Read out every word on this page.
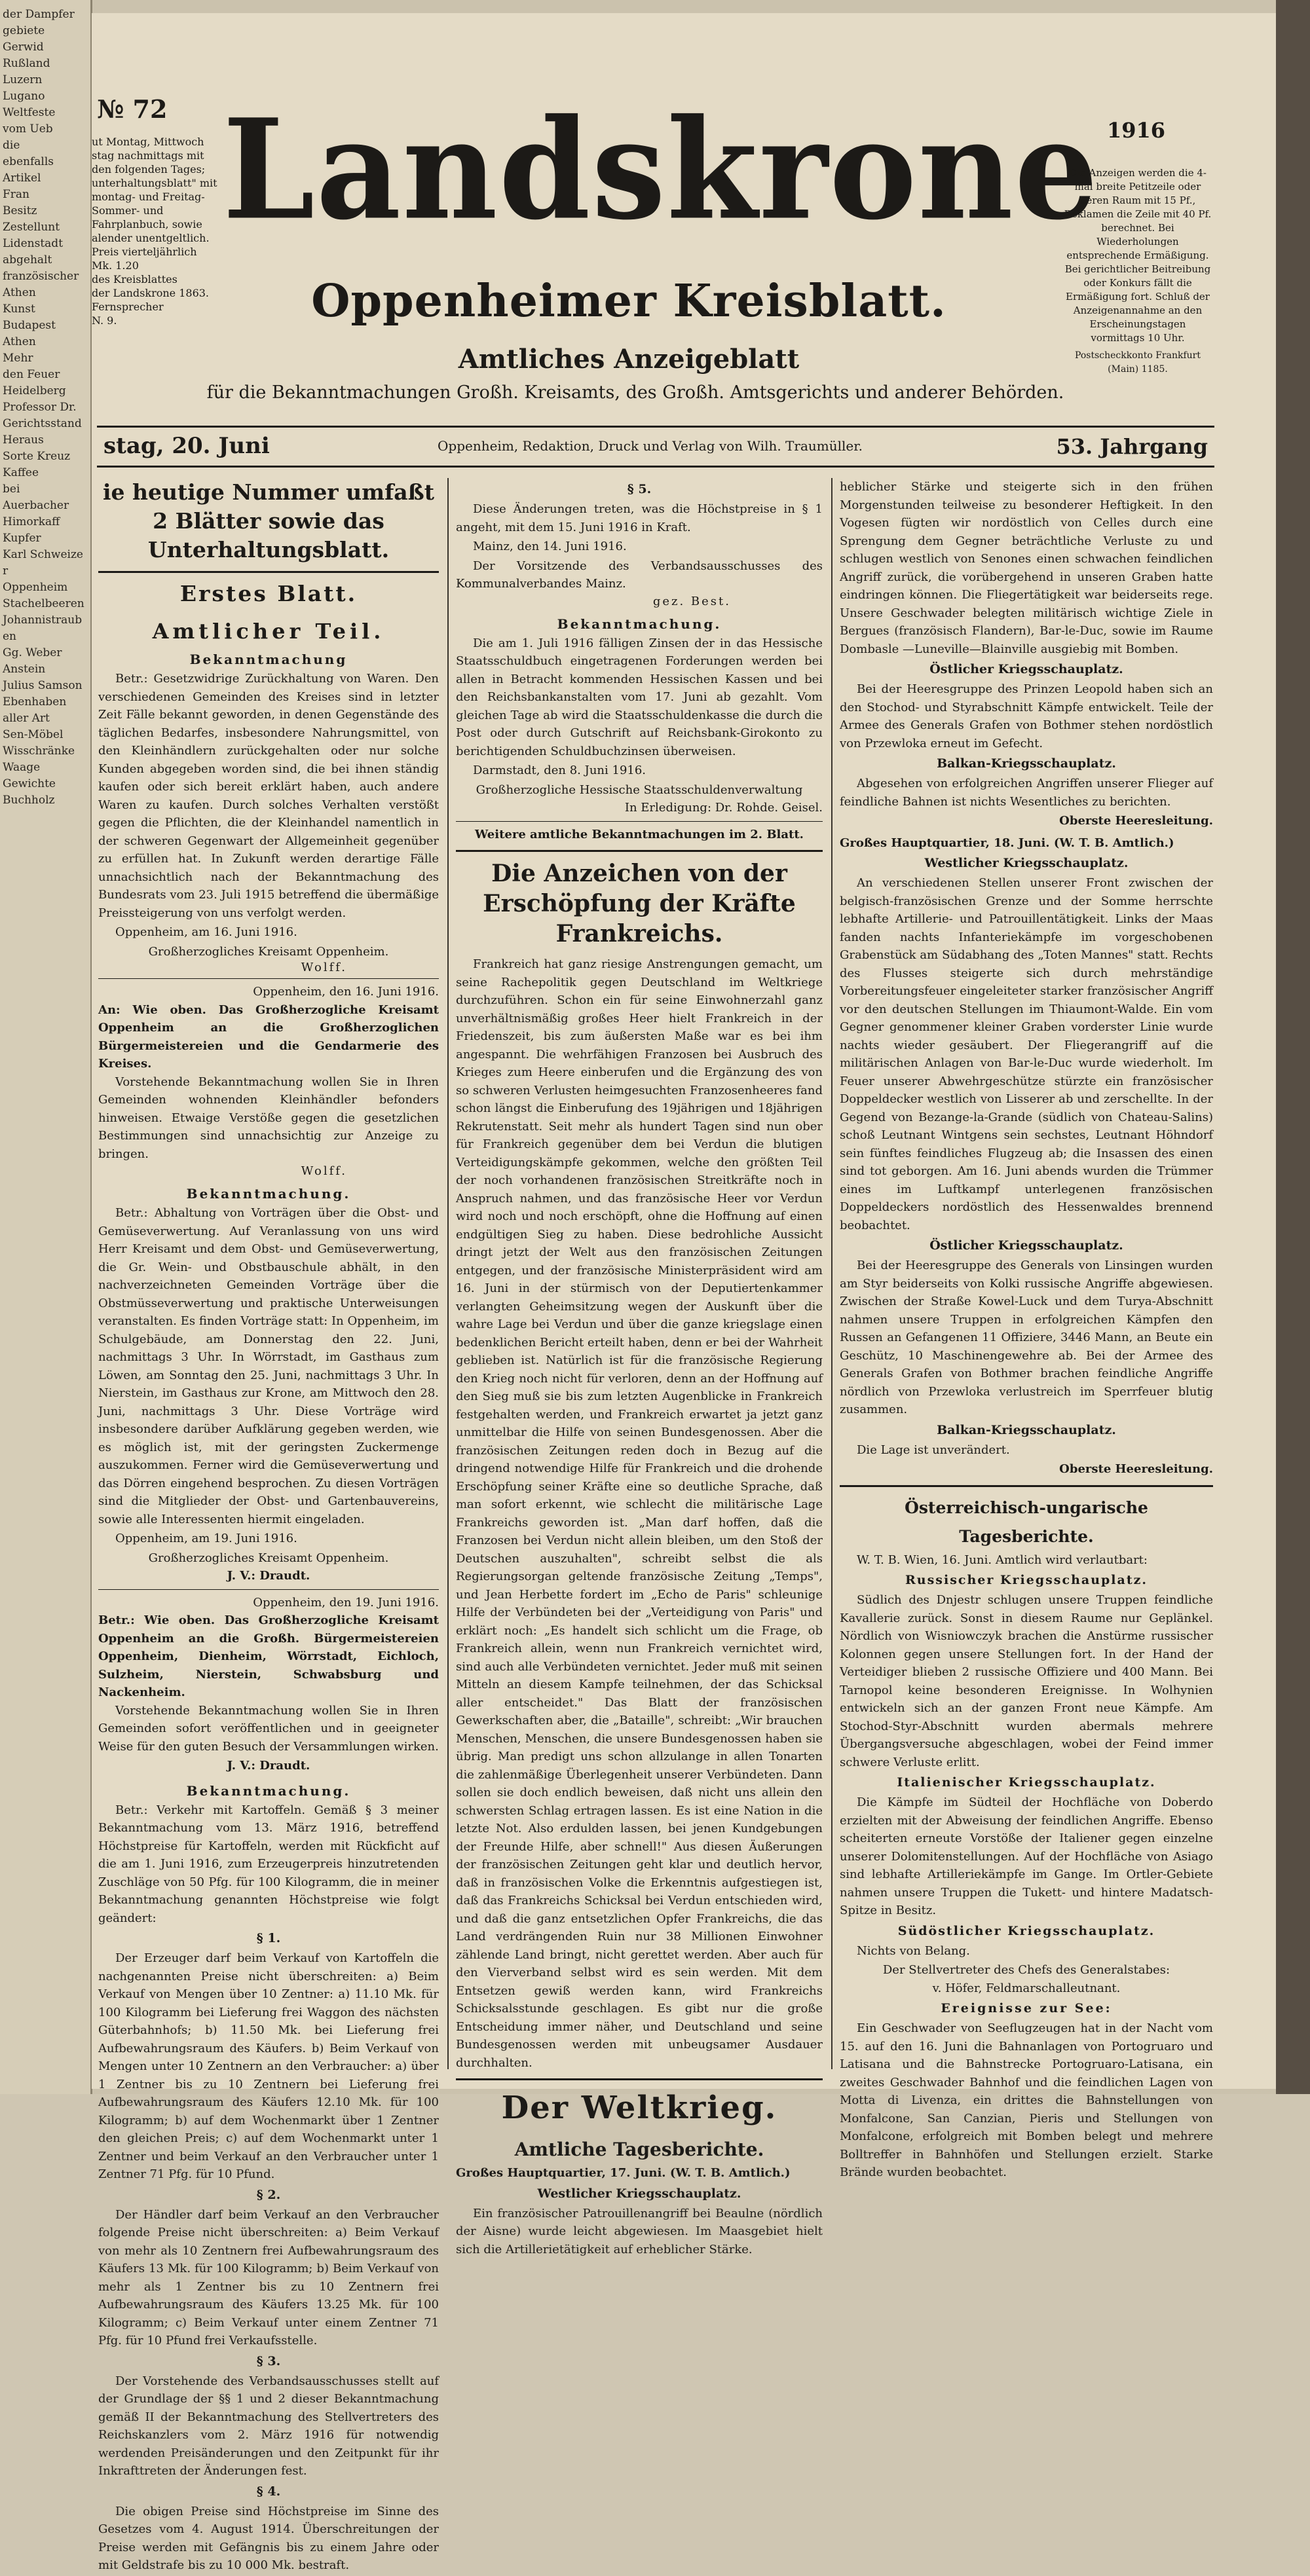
der Dampfer
gebiete
Gerwid
Rußland
Luzern
Lugano
Weltfeste
vom Ueb
die
ebenfalls
Artikel
Fran
Besitz
Zestellunt
Lidenstadt
abgehalt
französischer
Athen
Kunst
Budapest
Athen
Mehr
den Feuer
Heidelberg
Professor Dr.
Gerichtsstand
Heraus
Sorte Kreuz
Kaffee
bei
Auerbacher
Himorkaff
Kupfer
Karl Schweizer
Oppenheim
Stachelbeeren
Johannistrauben
Gg. Weber
Anstein
Julius Samson
Ebenhaben
aller Art
Sen-Möbel
Wisschränke
Waage
Gewichte
Buchholz
№ 72
1916
ut Montag, Mittwoch
stag nachmittags mit
den folgenden Tages;
unterhaltungsblatt" mit
montag- und Freitag-
Sommer- und
Fahrplanbuch, sowie
alender unentgeltlich.
Preis vierteljährlich
Mk. 1.20
des Kreisblattes
der Landskrone 1863.
Fernsprecher
N. 9.
Landskrone
Oppenheimer Kreisblatt.
Amtliches Anzeigeblatt
für die Bekanntmachungen Großh. Kreisamts, des Großh. Amtsgerichts und anderer Behörden.
Die Anzeigen werden die 4-mal breite Petitzeile oder deren Raum mit 15 Pf., Reklamen die Zeile mit 40 Pf. berechnet. Bei Wiederholungen entsprechende Ermäßigung. Bei gerichtlicher Beitreibung oder Konkurs fällt die Ermäßigung fort. Schluß der Anzeigenannahme an den Erscheinungstagen vormittags 10 Uhr.
Postscheckkonto Frankfurt (Main) 1185.
stag, 20. Juni	Oppenheim, Redaktion, Druck und Verlag von Wilh. Traumüller.	53. Jahrgang
ie heutige Nummer umfaßt 2 Blätter sowie das Unterhaltungsblatt.
Erstes Blatt.
Amtlicher Teil.
Bekanntmachung

Betr.: Gesetzwidrige Zurückhaltung von Waren. Den verschiedenen Gemeinden des Kreises sind in letzter Zeit Fälle bekannt geworden, in denen Gegenstände des täglichen Bedarfes, insbesondere Nahrungsmittel, von den Kleinhändlern zurückgehalten oder nur solche Kunden abgegeben worden sind, die bei ihnen ständig kaufen oder sich bereit erklärt haben, auch andere Waren zu kaufen. Durch solches Verhalten verstößt gegen die Pflichten, die der Kleinhandel namentlich in der schweren Gegenwart der Allgemeinheit gegenüber zu erfüllen hat. In Zukunft werden derartige Fälle unnachsichtlich nach der Bekanntmachung des Bundesrats vom 23. Juli 1915 betreffend die übermäßige Preissteigerung von uns verfolgt werden.

Oppenheim, am 16. Juni 1916.

Großherzogliches Kreisamt Oppenheim.
Wolff.
Oppenheim, den 16. Juni 1916.
An: Wie oben. Das Großherzogliche Kreisamt Oppenheim an die Großherzoglichen Bürgermeistereien und die Gendarmerie des Kreises.

Vorstehende Bekanntmachung wollen Sie in Ihren Gemeinden wohnenden Kleinhändler befonders hinweisen. Etwaige Verstöße gegen die gesetzlichen Bestimmungen sind unnachsichtig zur Anzeige zu bringen.

Wolff.
Bekanntmachung.

Betr.: Abhaltung von Vorträgen über die Obst- und Gemüseverwertung. Auf Veranlassung von uns wird Herr Kreisamt und dem Obst- und Gemüseverwertung, die Gr. Wein- und Obstbauschule abhält, in den nachverzeichneten Gemeinden Vorträge über die Obstmüsseverwertung und praktische Unterweisungen veranstalten. Es finden Vorträge statt: In Oppenheim, im Schulgebäude, am Donnerstag den 22. Juni, nachmittags 3 Uhr. In Wörrstadt, im Gasthaus zum Löwen, am Sonntag den 25. Juni, nachmittags 3 Uhr. In Nierstein, im Gasthaus zur Krone, am Mittwoch den 28. Juni, nachmittags 3 Uhr. Diese Vorträge wird insbesondere darüber Aufklärung gegeben werden, wie es möglich ist, mit der geringsten Zuckermenge auszukommen. Ferner wird die Gemüseverwertung und das Dörren eingehend besprochen. Zu diesen Vorträgen sind die Mitglieder der Obst- und Gartenbauvereins, sowie alle Interessenten hiermit eingeladen.

Oppenheim, am 19. Juni 1916.

Großherzogliches Kreisamt Oppenheim.
J. V.: Draudt.
Oppenheim, den 19. Juni 1916.
Betr.: Wie oben. Das Großherzogliche Kreisamt Oppenheim an die Großh. Bürgermeistereien Oppenheim, Dienheim, Wörrstadt, Eichloch, Sulzheim, Nierstein, Schwabsburg und Nackenheim.

Vorstehende Bekanntmachung wollen Sie in Ihren Gemeinden sofort veröffentlichen und in geeigneter Weise für den guten Besuch der Versammlungen wirken.

J. V.: Draudt.
Bekanntmachung.

Betr.: Verkehr mit Kartoffeln. Gemäß § 3 meiner Bekanntmachung vom 13. März 1916, betreffend Höchstpreise für Kartoffeln, werden mit Rückficht auf die am 1. Juni 1916, zum Erzeugerpreis hinzutretenden Zuschläge von 50 Pfg. für 100 Kilogramm, die in meiner Bekanntmachung genannten Höchstpreise wie folgt geändert:

§ 1.

Der Erzeuger darf beim Verkauf von Kartoffeln die nachgenannten Preise nicht überschreiten: a) Beim Verkauf von Mengen über 10 Zentner: a) 11.10 Mk. für 100 Kilogramm bei Lieferung frei Waggon des nächsten Güterbahnhofs; b) 11.50 Mk. bei Lieferung frei Aufbewahrungsraum des Käufers. b) Beim Verkauf von Mengen unter 10 Zentnern an den Verbraucher: a) über 1 Zentner bis zu 10 Zentnern bei Lieferung frei Aufbewahrungsraum des Käufers 12.10 Mk. für 100 Kilogramm; b) auf dem Wochenmarkt über 1 Zentner den gleichen Preis; c) auf dem Wochenmarkt unter 1 Zentner und beim Verkauf an den Verbraucher unter 1 Zentner 71 Pfg. für 10 Pfund.

§ 2.

Der Händler darf beim Verkauf an den Verbraucher folgende Preise nicht überschreiten: a) Beim Verkauf von mehr als 10 Zentnern frei Aufbewahrungsraum des Käufers 13 Mk. für 100 Kilogramm; b) Beim Verkauf von mehr als 1 Zentner bis zu 10 Zentnern frei Aufbewahrungsraum des Käufers 13.25 Mk. für 100 Kilogramm; c) Beim Verkauf unter einem Zentner 71 Pfg. für 10 Pfund frei Verkaufsstelle.

§ 3.

Der Vorstehende des Verbandsausschusses stellt auf der Grundlage der §§ 1 und 2 dieser Bekanntmachung gemäß II der Bekanntmachung des Stellvertreters des Reichskanzlers vom 2. März 1916 für notwendig werdenden Preisänderungen und den Zeitpunkt für ihr Inkrafttreten der Änderungen fest.

§ 4.

Die obigen Preise sind Höchstpreise im Sinne des Gesetzes vom 4. August 1914. Überschreitungen der Preise werden mit Gefängnis bis zu einem Jahre oder mit Geldstrafe bis zu 10 000 Mk. bestraft.

§ 5.

Diese Änderungen treten, was die Höchstpreise in § 1 angeht, mit dem 15. Juni 1916 in Kraft.

Mainz, den 14. Juni 1916.

Der Vorsitzende des Verbandsausschusses des Kommunalverbandes Mainz.

gez. Best.
Bekanntmachung.

Die am 1. Juli 1916 fälligen Zinsen der in das Hessische Staatsschuldbuch eingetragenen Forderungen werden bei allen in Betracht kommenden Hessischen Kassen und bei den Reichsbankanstalten vom 17. Juni ab gezahlt. Vom gleichen Tage ab wird die Staatsschuldenkasse die durch die Post oder durch Gutschrift auf Reichsbank-Girokonto zu berichtigenden Schuldbuchzinsen überweisen.

Darmstadt, den 8. Juni 1916.

Großherzogliche Hessische Staatsschuldenverwaltung
In Erledigung: Dr. Rohde. Geisel.
Weitere amtliche Bekanntmachungen im 2. Blatt.
Die Anzeichen von der Erschöpfung der Kräfte Frankreichs.

Frankreich hat ganz riesige Anstrengungen gemacht, um seine Rachepolitik gegen Deutschland im Weltkriege durchzuführen. Schon ein für seine Einwohnerzahl ganz unverhältnismäßig großes Heer hielt Frankreich in der Friedenszeit, bis zum äußersten Maße war es bei ihm angespannt. Die wehrfähigen Franzosen bei Ausbruch des Krieges zum Heere einberufen und die Ergänzung des von so schweren Verlusten heimgesuchten Franzosenheeres fand schon längst die Einberufung des 19jährigen und 18jährigen Rekrutenstatt. Seit mehr als hundert Tagen sind nun ober für Frankreich gegenüber dem bei Verdun die blutigen Verteidigungskämpfe gekommen, welche den größten Teil der noch vorhandenen französischen Streitkräfte noch in Anspruch nahmen, und das französische Heer vor Verdun wird noch und noch erschöpft, ohne die Hoffnung auf einen endgültigen Sieg zu haben. Diese bedrohliche Aussicht dringt jetzt der Welt aus den französischen Zeitungen entgegen, und der französische Ministerpräsident wird am 16. Juni in der stürmisch von der Deputiertenkammer verlangten Geheimsitzung wegen der Auskunft über die wahre Lage bei Verdun und über die ganze kriegslage einen bedenklichen Bericht erteilt haben, denn er bei der Wahrheit geblieben ist. Natürlich ist für die französische Regierung den Krieg noch nicht für verloren, denn an der Hoffnung auf den Sieg muß sie bis zum letzten Augenblicke in Frankreich festgehalten werden, und Frankreich erwartet ja jetzt ganz unmittelbar die Hilfe von seinen Bundesgenossen. Aber die französischen Zeitungen reden doch in Bezug auf die dringend notwendige Hilfe für Frankreich und die drohende Erschöpfung seiner Kräfte eine so deutliche Sprache, daß man sofort erkennt, wie schlecht die militärische Lage Frankreichs geworden ist. „Man darf hoffen, daß die Franzosen bei Verdun nicht allein bleiben, um den Stoß der Deutschen auszuhalten", schreibt selbst die als Regierungsorgan geltende französische Zeitung „Temps", und Jean Herbette fordert im „Echo de Paris" schleunige Hilfe der Verbündeten bei der „Verteidigung von Paris" und erklärt noch: „Es handelt sich schlicht um die Frage, ob Frankreich allein, wenn nun Frankreich vernichtet wird, sind auch alle Verbündeten vernichtet. Jeder muß mit seinen Mitteln an diesem Kampfe teilnehmen, der das Schicksal aller entscheidet." Das Blatt der französischen Gewerkschaften aber, die „Bataille", schreibt: „Wir brauchen Menschen, Menschen, die unsere Bundesgenossen haben sie übrig. Man predigt uns schon allzulange in allen Tonarten die zahlenmäßige Überlegenheit unserer Verbündeten. Dann sollen sie doch endlich beweisen, daß nicht uns allein den schwersten Schlag ertragen lassen. Es ist eine Nation in die letzte Not. Also erdulden lassen, bei jenen Kundgebungen der Freunde Hilfe, aber schnell!" Aus diesen Äußerungen der französischen Zeitungen geht klar und deutlich hervor, daß in französischen Volke die Erkenntnis aufgestiegen ist, daß das Frankreichs Schicksal bei Verdun entschieden wird, und daß die ganz entsetzlichen Opfer Frankreichs, die das Land verdrängenden Ruin nur 38 Millionen Einwohner zählende Land bringt, nicht gerettet werden. Aber auch für den Vierverband selbst wird es sein werden. Mit dem Entsetzen gewiß werden kann, wird Frankreichs Schicksalsstunde geschlagen. Es gibt nur die große Entscheidung immer näher, und Deutschland und seine Bundesgenossen werden mit unbeugsamer Ausdauer durchhalten.

Der Weltkrieg.
Amtliche Tagesberichte.
Großes Hauptquartier, 17. Juni. (W. T. B. Amtlich.)
Westlicher Kriegsschauplatz.

Ein französischer Patrouillenangriff bei Beaulne (nördlich der Aisne) wurde leicht abgewiesen. Im Maasgebiet hielt sich die Artillerietätigkeit auf erheblicher Stärke.

heblicher Stärke und steigerte sich in den frühen Morgenstunden teilweise zu besonderer Heftigkeit. In den Vogesen fügten wir nordöstlich von Celles durch eine Sprengung dem Gegner beträchtliche Verluste zu und schlugen westlich von Senones einen schwachen feindlichen Angriff zurück, die vorübergehend in unseren Graben hatte eindringen können. Die Fliegertätigkeit war beiderseits rege. Unsere Geschwader belegten militärisch wichtige Ziele in Bergues (französisch Flandern), Bar-le-Duc, sowie im Raume Dombasle —Luneville—Blainville ausgiebig mit Bomben.

Östlicher Kriegsschauplatz.

Bei der Heeresgruppe des Prinzen Leopold haben sich an den Stochod- und Styrabschnitt Kämpfe entwickelt. Teile der Armee des Generals Grafen von Bothmer stehen nordöstlich von Przewloka erneut im Gefecht.

Balkan-Kriegsschauplatz.

Abgesehen von erfolgreichen Angriffen unserer Flieger auf feindliche Bahnen ist nichts Wesentliches zu berichten.

Oberste Heeresleitung.
Großes Hauptquartier, 18. Juni. (W. T. B. Amtlich.)
Westlicher Kriegsschauplatz.

An verschiedenen Stellen unserer Front zwischen der belgisch-französischen Grenze und der Somme herrschte lebhafte Artillerie- und Patrouillentätigkeit. Links der Maas fanden nachts Infanteriekämpfe im vorgeschobenen Grabenstück am Südabhang des „Toten Mannes" statt. Rechts des Flusses steigerte sich durch mehrständige Vorbereitungsfeuer eingeleiteter starker französischer Angriff vor den deutschen Stellungen im Thiaumont-Walde. Ein vom Gegner genommener kleiner Graben vorderster Linie wurde nachts wieder gesäubert. Der Fliegerangriff auf die militärischen Anlagen von Bar-le-Duc wurde wiederholt. Im Feuer unserer Abwehrgeschütze stürzte ein französischer Doppeldecker westlich von Lisserer ab und zerschellte. In der Gegend von Bezange-la-Grande (südlich von Chateau-Salins) schoß Leutnant Wintgens sein sechstes, Leutnant Höhndorf sein fünftes feindliches Flugzeug ab; die Insassen des einen sind tot geborgen. Am 16. Juni abends wurden die Trümmer eines im Luftkampf unterlegenen französischen Doppeldeckers nordöstlich des Hessenwaldes brennend beobachtet.

Östlicher Kriegsschauplatz.

Bei der Heeresgruppe des Generals von Linsingen wurden am Styr beiderseits von Kolki russische Angriffe abgewiesen. Zwischen der Straße Kowel-Luck und dem Turya-Abschnitt nahmen unsere Truppen in erfolgreichen Kämpfen den Russen an Gefangenen 11 Offiziere, 3446 Mann, an Beute ein Geschütz, 10 Maschinengewehre ab. Bei der Armee des Generals Grafen von Bothmer brachen feindliche Angriffe nördlich von Przewloka verlustreich im Sperrfeuer blutig zusammen.

Balkan-Kriegsschauplatz.

Die Lage ist unverändert.

Oberste Heeresleitung.
Österreichisch-ungarische Tagesberichte.

W. T. B. Wien, 16. Juni. Amtlich wird verlautbart:

Russischer Kriegsschauplatz.

Südlich des Dnjestr schlugen unsere Truppen feindliche Kavallerie zurück. Sonst in diesem Raume nur Geplänkel. Nördlich von Wisniowczyk brachen die Anstürme russischer Kolonnen gegen unsere Stellungen fort. In der Hand der Verteidiger blieben 2 russische Offiziere und 400 Mann. Bei Tarnopol keine besonderen Ereignisse. In Wolhynien entwickeln sich an der ganzen Front neue Kämpfe. Am Stochod-Styr-Abschnitt wurden abermals mehrere Übergangsversuche abgeschlagen, wobei der Feind immer schwere Verluste erlitt.

Italienischer Kriegsschauplatz.

Die Kämpfe im Südteil der Hochfläche von Doberdo erzielten mit der Abweisung der feindlichen Angriffe. Ebenso scheiterten erneute Vorstöße der Italiener gegen einzelne unserer Dolomitenstellungen. Auf der Hochfläche von Asiago sind lebhafte Artilleriekämpfe im Gange. Im Ortler-Gebiete nahmen unsere Truppen die Tukett- und hintere Madatsch-Spitze in Besitz.

Südöstlicher Kriegsschauplatz.

Nichts von Belang.

Der Stellvertreter des Chefs des Generalstabes:
v. Höfer, Feldmarschalleutnant.
Ereignisse zur See:

Ein Geschwader von Seeflugzeugen hat in der Nacht vom 15. auf den 16. Juni die Bahnanlagen von Portogruaro und Latisana und die Bahnstrecke Portogruaro-Latisana, ein zweites Geschwader Bahnhof und die feindlichen Lagen von Motta di Livenza, ein drittes die Bahnstellungen von Monfalcone, San Canzian, Pieris und Stellungen von Monfalcone, erfolgreich mit Bomben belegt und mehrere Bolltreffer in Bahnhöfen und Stellungen erzielt. Starke Brände wurden beobachtet.
